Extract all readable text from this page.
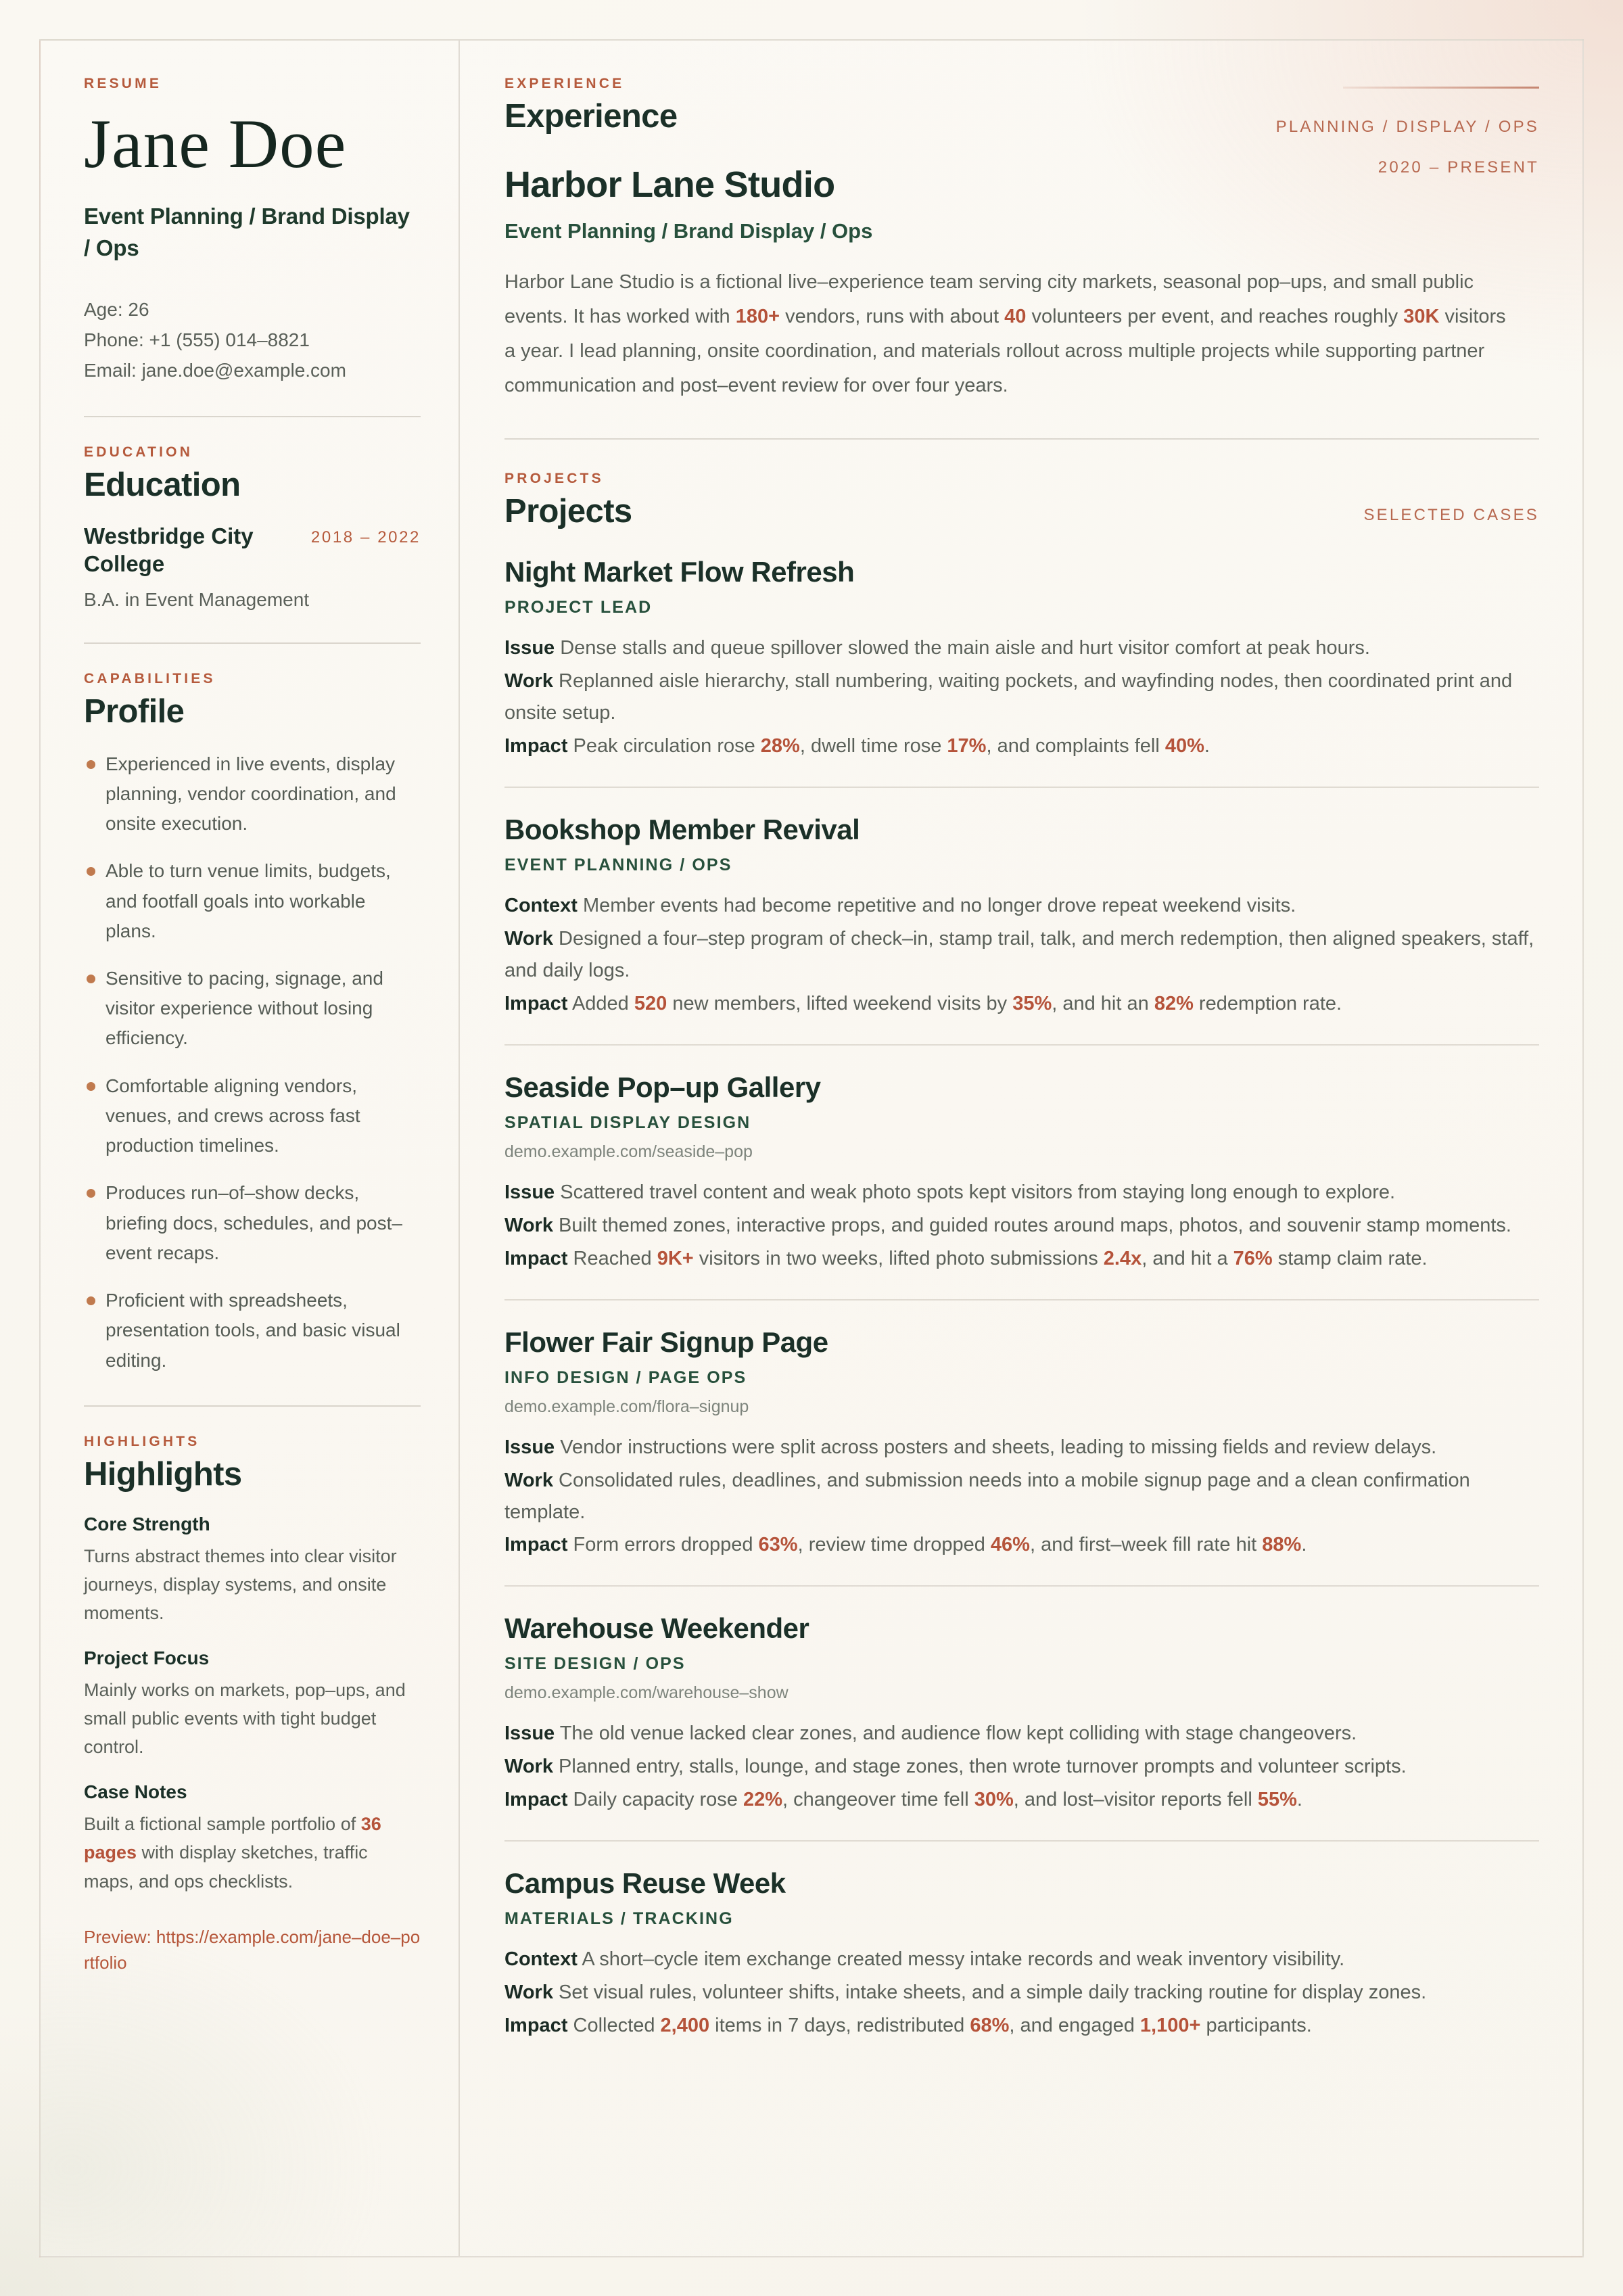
RESUME
Jane Doe
Event Planning / Brand Display / Ops
Age: 26
Phone: +1 (555) 014–8821
Email: jane.doe@example.com
EDUCATION
Education
Westbridge City College
2018 – 2022
B.A. in Event Management
CAPABILITIES
Profile
Experienced in live events, display planning, vendor coordination, and onsite execution.
Able to turn venue limits, budgets, and footfall goals into workable plans.
Sensitive to pacing, signage, and visitor experience without losing efficiency.
Comfortable aligning vendors, venues, and crews across fast production timelines.
Produces run–of–show decks, briefing docs, schedules, and post–event recaps.
Proficient with spreadsheets, presentation tools, and basic visual editing.
HIGHLIGHTS
Highlights
Core Strength
Turns abstract themes into clear visitor journeys, display systems, and onsite moments.
Project Focus
Mainly works on markets, pop–ups, and small public events with tight budget control.
Case Notes
Built a fictional sample portfolio of 36 pages with display sketches, traffic maps, and ops checklists.
Preview: https://example.com/jane–doe–portfolio
PLANNING / DISPLAY / OPS
2020 – PRESENT
EXPERIENCE
Experience
Harbor Lane Studio
Event Planning / Brand Display / Ops

Harbor Lane Studio is a fictional live–experience team serving city markets, seasonal pop–ups, and small public events. It has worked with 180+ vendors, runs with about 40 volunteers per event, and reaches roughly 30K visitors a year. I lead planning, onsite coordination, and materials rollout across multiple projects while supporting partner communication and post–event review for over four years.

SELECTED CASES
PROJECTS
Projects
Night Market Flow Refresh
PROJECT LEAD

Issue Dense stalls and queue spillover slowed the main aisle and hurt visitor comfort at peak hours.

Work Replanned aisle hierarchy, stall numbering, waiting pockets, and wayfinding nodes, then coordinated print and onsite setup.

Impact Peak circulation rose 28%, dwell time rose 17%, and complaints fell 40%.

Bookshop Member Revival
EVENT PLANNING / OPS

Context Member events had become repetitive and no longer drove repeat weekend visits.

Work Designed a four–step program of check–in, stamp trail, talk, and merch redemption, then aligned speakers, staff, and daily logs.

Impact Added 520 new members, lifted weekend visits by 35%, and hit an 82% redemption rate.

Seaside Pop–up Gallery
SPATIAL DISPLAY DESIGN
demo.example.com/seaside–pop

Issue Scattered travel content and weak photo spots kept visitors from staying long enough to explore.

Work Built themed zones, interactive props, and guided routes around maps, photos, and souvenir stamp moments.

Impact Reached 9K+ visitors in two weeks, lifted photo submissions 2.4x, and hit a 76% stamp claim rate.

Flower Fair Signup Page
INFO DESIGN / PAGE OPS
demo.example.com/flora–signup

Issue Vendor instructions were split across posters and sheets, leading to missing fields and review delays.

Work Consolidated rules, deadlines, and submission needs into a mobile signup page and a clean confirmation template.

Impact Form errors dropped 63%, review time dropped 46%, and first–week fill rate hit 88%.

Warehouse Weekender
SITE DESIGN / OPS
demo.example.com/warehouse–show

Issue The old venue lacked clear zones, and audience flow kept colliding with stage changeovers.

Work Planned entry, stalls, lounge, and stage zones, then wrote turnover prompts and volunteer scripts.

Impact Daily capacity rose 22%, changeover time fell 30%, and lost–visitor reports fell 55%.

Campus Reuse Week
MATERIALS / TRACKING

Context A short–cycle item exchange created messy intake records and weak inventory visibility.

Work Set visual rules, volunteer shifts, intake sheets, and a simple daily tracking routine for display zones.

Impact Collected 2,400 items in 7 days, redistributed 68%, and engaged 1,100+ participants.
